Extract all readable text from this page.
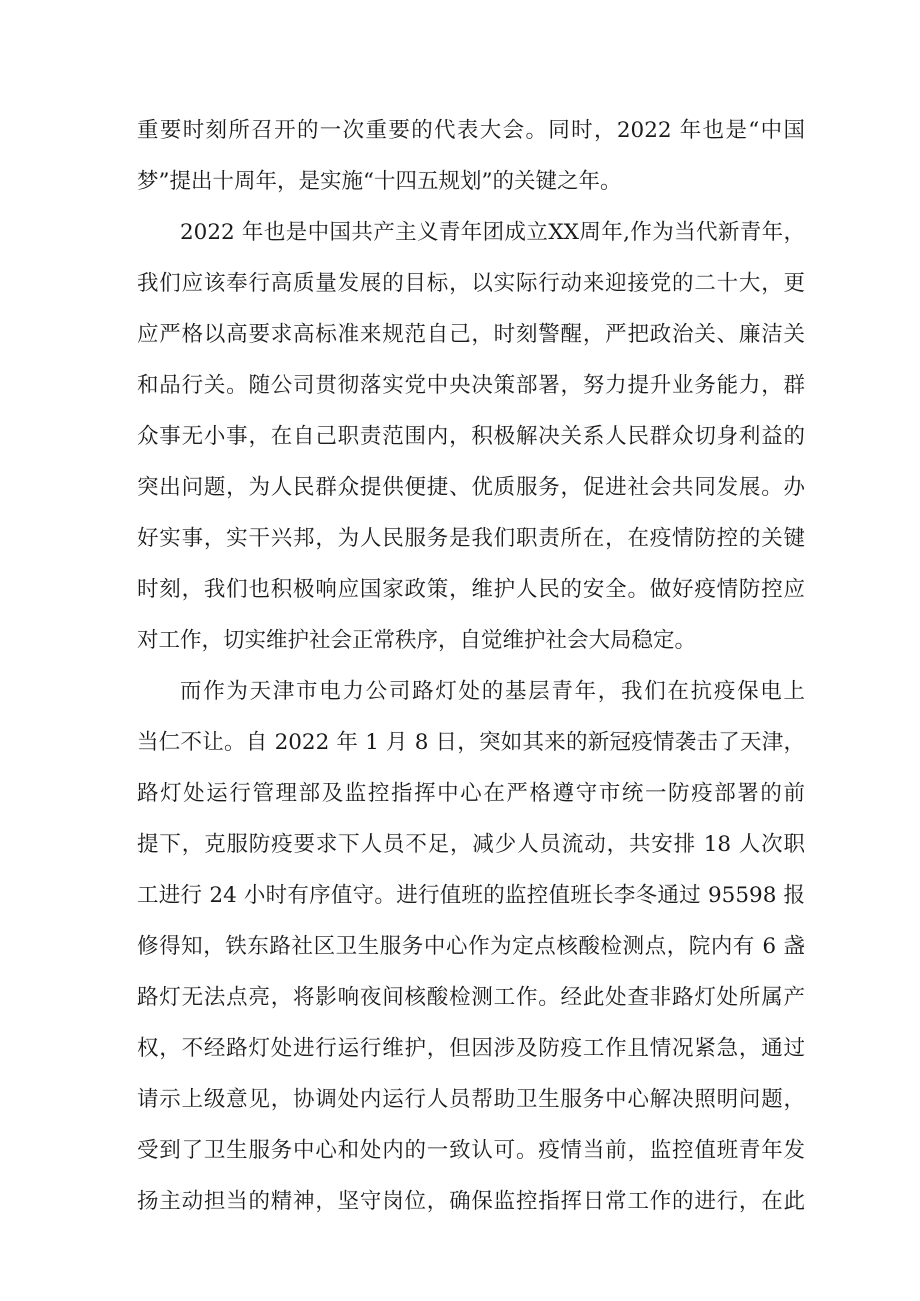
重要时刻所召开的一次重要的代表大会。同时，2022 年也是“中国
梦”提出十周年，是实施“十四五规划”的关键之年。
2022 年也是中国共产主义青年团成立XX周年,作为当代新青年，
我们应该奉行高质量发展的目标，以实际行动来迎接党的二十大，更
应严格以高要求高标准来规范自己，时刻警醒，严把政治关、廉洁关
和品行关。随公司贯彻落实党中央决策部署，努力提升业务能力，群
众事无小事，在自己职责范围内，积极解决关系人民群众切身利益的
突出问题，为人民群众提供便捷、优质服务，促进社会共同发展。办
好实事，实干兴邦，为人民服务是我们职责所在，在疫情防控的关键
时刻，我们也积极响应国家政策，维护人民的安全。做好疫情防控应
对工作，切实维护社会正常秩序，自觉维护社会大局稳定。
而作为天津市电力公司路灯处的基层青年，我们在抗疫保电上
当仁不让。自 2022 年 1 月 8 日，突如其来的新冠疫情袭击了天津，
路灯处运行管理部及监控指挥中心在严格遵守市统一防疫部署的前
提下，克服防疫要求下人员不足，减少人员流动，共安排 18 人次职
工进行 24 小时有序值守。进行值班的监控值班长李冬通过 95598 报
修得知，铁东路社区卫生服务中心作为定点核酸检测点，院内有 6 盏
路灯无法点亮，将影响夜间核酸检测工作。经此处查非路灯处所属产
权，不经路灯处进行运行维护，但因涉及防疫工作且情况紧急，通过
请示上级意见，协调处内运行人员帮助卫生服务中心解决照明问题，
受到了卫生服务中心和处内的一致认可。疫情当前，监控值班青年发
扬主动担当的精神，坚守岗位，确保监控指挥日常工作的进行，在此
